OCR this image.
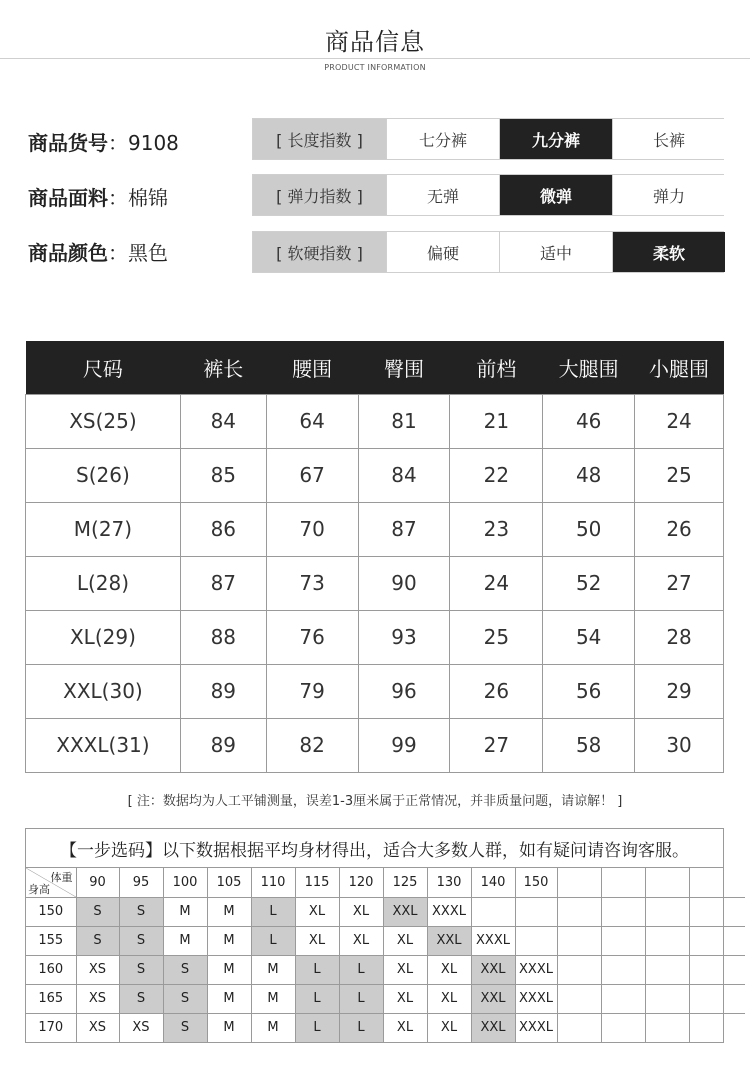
商品信息
PRODUCT INFORMATION
商品货号：9108
商品面料：棉锦
商品颜色：黑色
[ 长度指数 ]	七分裤	九分裤	长裤
[ 弹力指数 ]	无弹	微弹	弹力
[ 软硬指数 ]	偏硬	适中	柔软
尺码	裤长	腰围	臀围	前档	大腿围	小腿围
XS(25)	84	64	81	21	46	24
S(26)	85	67	84	22	48	25
M(27)	86	70	87	23	50	26
L(28)	87	73	90	24	52	27
XL(29)	88	76	93	25	54	28
XXL(30)	89	79	96	26	56	29
XXXL(31)	89	82	99	27	58	30
[ 注：数据均为人工平铺测量，误差1-3厘米属于正常情况，并非质量问题，请谅解！ ]
【一步选码】以下数据根据平均身材得出，适合大多数人群，如有疑问请咨询客服。
体重
身高	90	95	100	105	110	115	120	125	130	140	150				
150	S	S	M	M	L	XL	XL	XXL	XXXL						
155	S	S	M	M	L	XL	XL	XL	XXL	XXXL					
160	XS	S	S	M	M	L	L	XL	XL	XXL	XXXL				
165	XS	S	S	M	M	L	L	XL	XL	XXL	XXXL				
170	XS	XS	S	M	M	L	L	XL	XL	XXL	XXXL				
